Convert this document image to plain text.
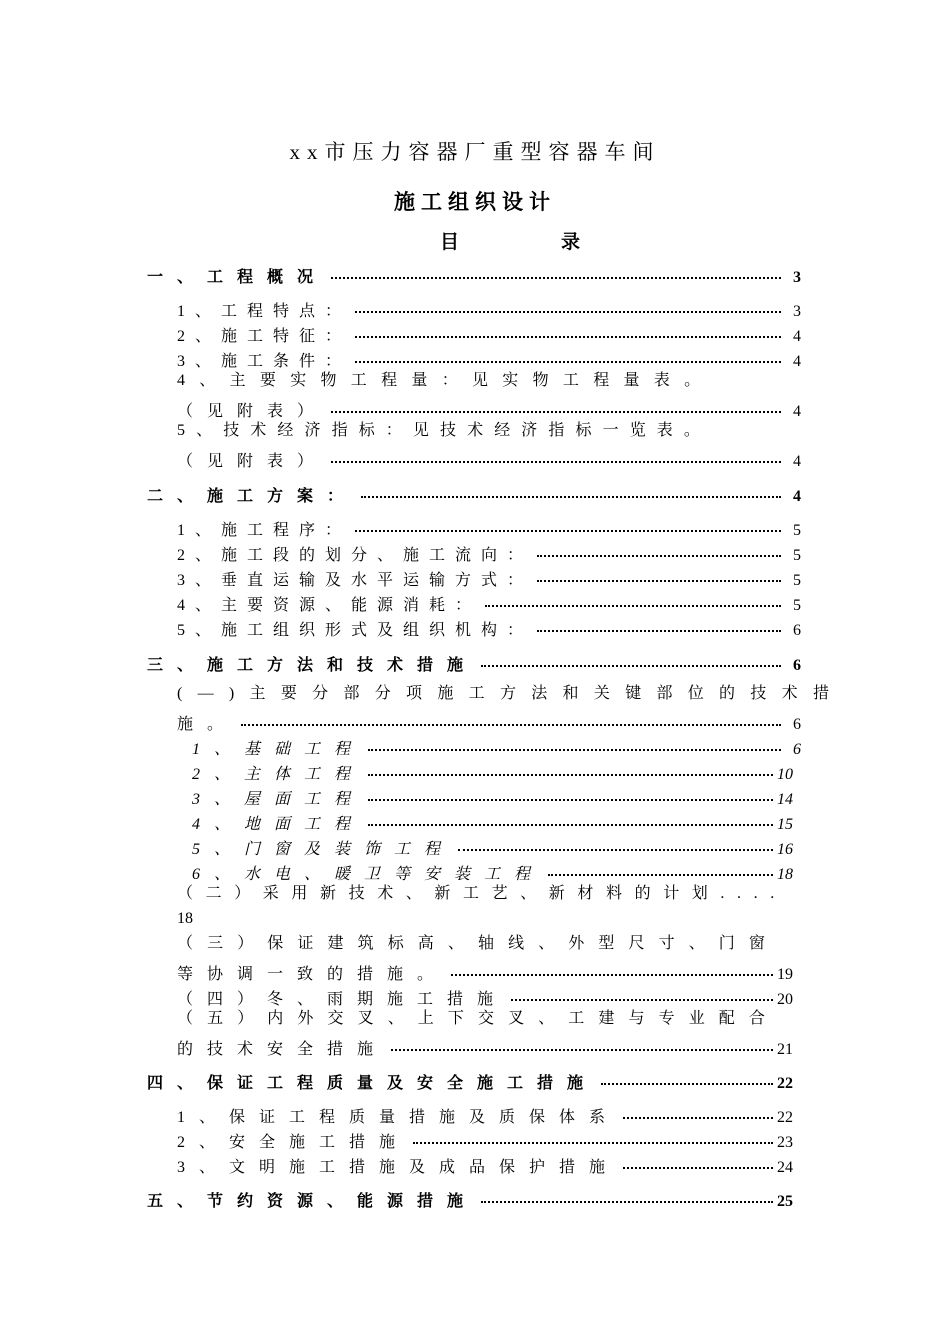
xx市压力容器厂重型容器车间
施工组织设计
目	录
一、工程概况	3
1、工程特点：	3
2、施工特征：	4
3、施工条件：	4
4、主要实物工程量：见实物工程量表。
（见附表）	4
5、技术经济指标：见技术经济指标一览表。
（见附表）	4
二、施工方案：	4
1、施工程序：	5
2、施工段的划分、施工流向：	5
3、垂直运输及水平运输方式：	5
4、主要资源、能源消耗：	5
5、施工组织形式及组织机构：	6
三、施工方法和技术措施	6
(—)主要分部分项施工方法和关键部位的技术措
施。	6
1、基础工程	6
2、主体工程	10
3、屋面工程	14
4、地面工程	15
5、门窗及装饰工程	16
6、水电、暖卫等安装工程	18
（二）采用新技术、新工艺、新材料的计划....
18
（三）保证建筑标高、轴线、外型尺寸、门窗
等协调一致的措施。	19
（四）冬、雨期施工措施	20
（五）内外交叉、上下交叉、工建与专业配合
的技术安全措施	21
四、保证工程质量及安全施工措施	22
1、保证工程质量措施及质保体系	22
2、安全施工措施	23
3、文明施工措施及成品保护措施	24
五、节约资源、能源措施	25
